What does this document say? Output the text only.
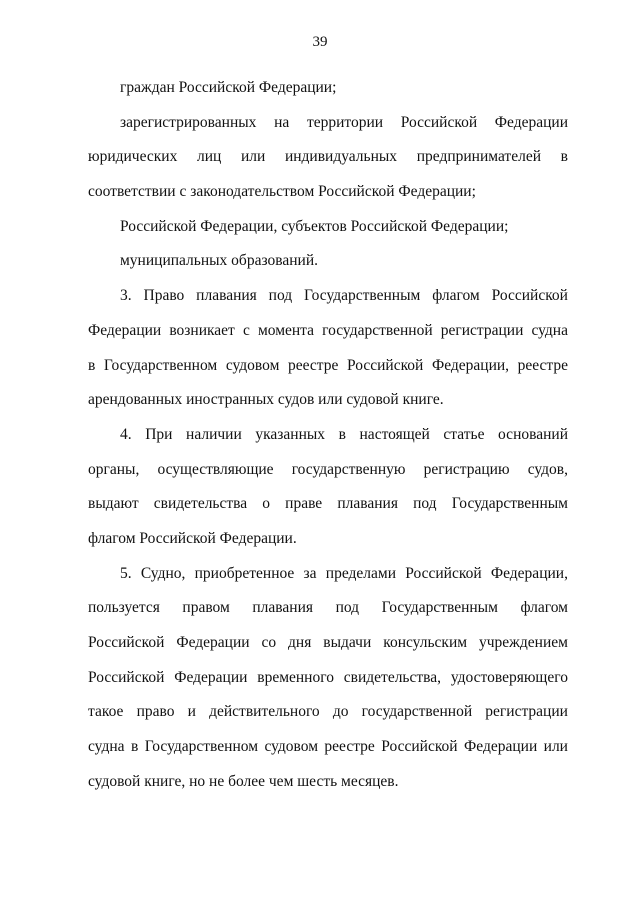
39
граждан Российской Федерации;
зарегистрированных на территории Российской Федерации
юридических лиц или индивидуальных предпринимателей в
соответствии с законодательством Российской Федерации;
Российской Федерации, субъектов Российской Федерации;
муниципальных образований.
3. Право плавания под Государственным флагом Российской
Федерации возникает с момента государственной регистрации судна
в Государственном судовом реестре Российской Федерации, реестре
арендованных иностранных судов или судовой книге.
4. При наличии указанных в настоящей статье оснований
органы, осуществляющие государственную регистрацию судов,
выдают свидетельства о праве плавания под Государственным
флагом Российской Федерации.
5. Судно, приобретенное за пределами Российской Федерации,
пользуется правом плавания под Государственным флагом
Российской Федерации со дня выдачи консульским учреждением
Российской Федерации временного свидетельства, удостоверяющего
такое право и действительного до государственной регистрации
судна в Государственном судовом реестре Российской Федерации или
судовой книге, но не более чем шесть месяцев.
